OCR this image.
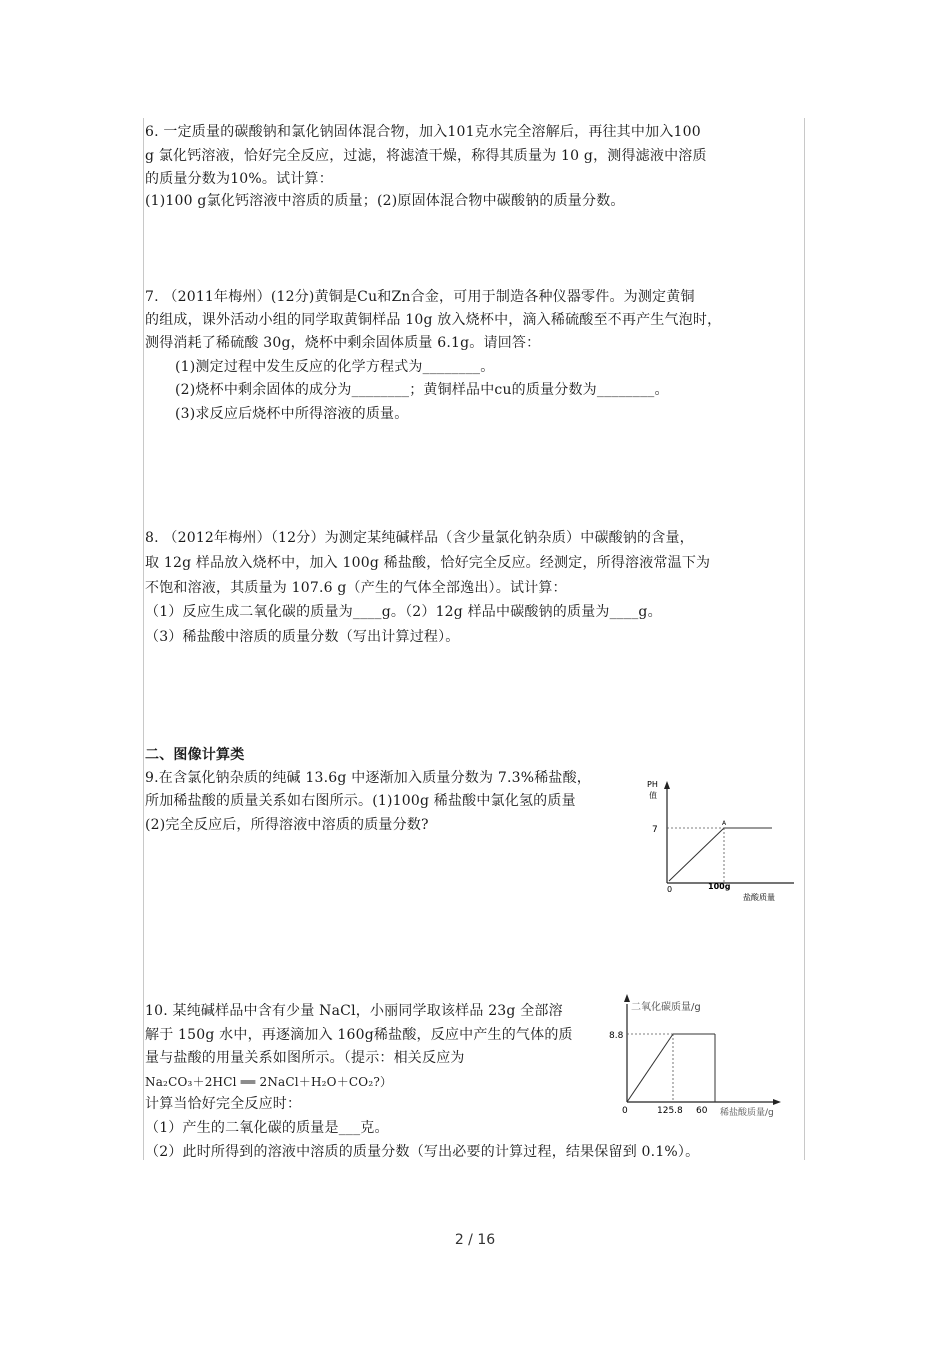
6. 一定质量的碳酸钠和氯化钠固体混合物，加入101克水完全溶解后，再往其中加入100
g 氯化钙溶液，恰好完全反应，过滤，将滤渣干燥，称得其质量为 10 g，测得滤液中溶质
的质量分数为10%。试计算：
(1)100 g氯化钙溶液中溶质的质量；(2)原固体混合物中碳酸钠的质量分数。
7. （2011年梅州）(12分)黄铜是Cu和Zn合金，可用于制造各种仪器零件。为测定黄铜
的组成，课外活动小组的同学取黄铜样品 10g 放入烧杯中，滴入稀硫酸至不再产生气泡时，
测得消耗了稀硫酸 30g，烧杯中剩余固体质量 6.1g。请回答：
(1)测定过程中发生反应的化学方程式为________。
(2)烧杯中剩余固体的成分为________；黄铜样品中cu的质量分数为________。
(3)求反应后烧杯中所得溶液的质量。
8. （2012年梅州）（12分）为测定某纯碱样品（含少量氯化钠杂质）中碳酸钠的含量，
取 12g 样品放入烧杯中，加入 100g 稀盐酸，恰好完全反应。经测定，所得溶液常温下为
不饱和溶液，其质量为 107.6 g（产生的气体全部逸出）。试计算：
（1）反应生成二氧化碳的质量为____g。（2）12g 样品中碳酸钠的质量为____g。
（3）稀盐酸中溶质的质量分数（写出计算过程）。
二、图像计算类
9.在含氯化钠杂质的纯碱 13.6g 中逐渐加入质量分数为 7.3%稀盐酸，
所加稀盐酸的质量关系如右图所示。(1)100g 稀盐酸中氯化氢的质量
(2)完全反应后，所得溶液中溶质的质量分数?
PH
值
7
0
A
100g
盐酸质量
10. 某纯碱样品中含有少量 NaCl，小丽同学取该样品 23g 全部溶
解于 150g 水中，再逐滴加入 160g稀盐酸，反应中产生的气体的质
量与盐酸的用量关系如图所示。（提示：相关反应为
Na₂CO₃＋2HCl ══ 2NaCl＋H₂O＋CO₂?）
计算当恰好完全反应时：
（1）产生的二氧化碳的质量是___克。
（2）此时所得到的溶液中溶质的质量分数（写出必要的计算过程，结果保留到 0.1%）。
二氧化碳质量/g
8.8
0	125.8 60 稀盐酸质量/g
2 / 16
